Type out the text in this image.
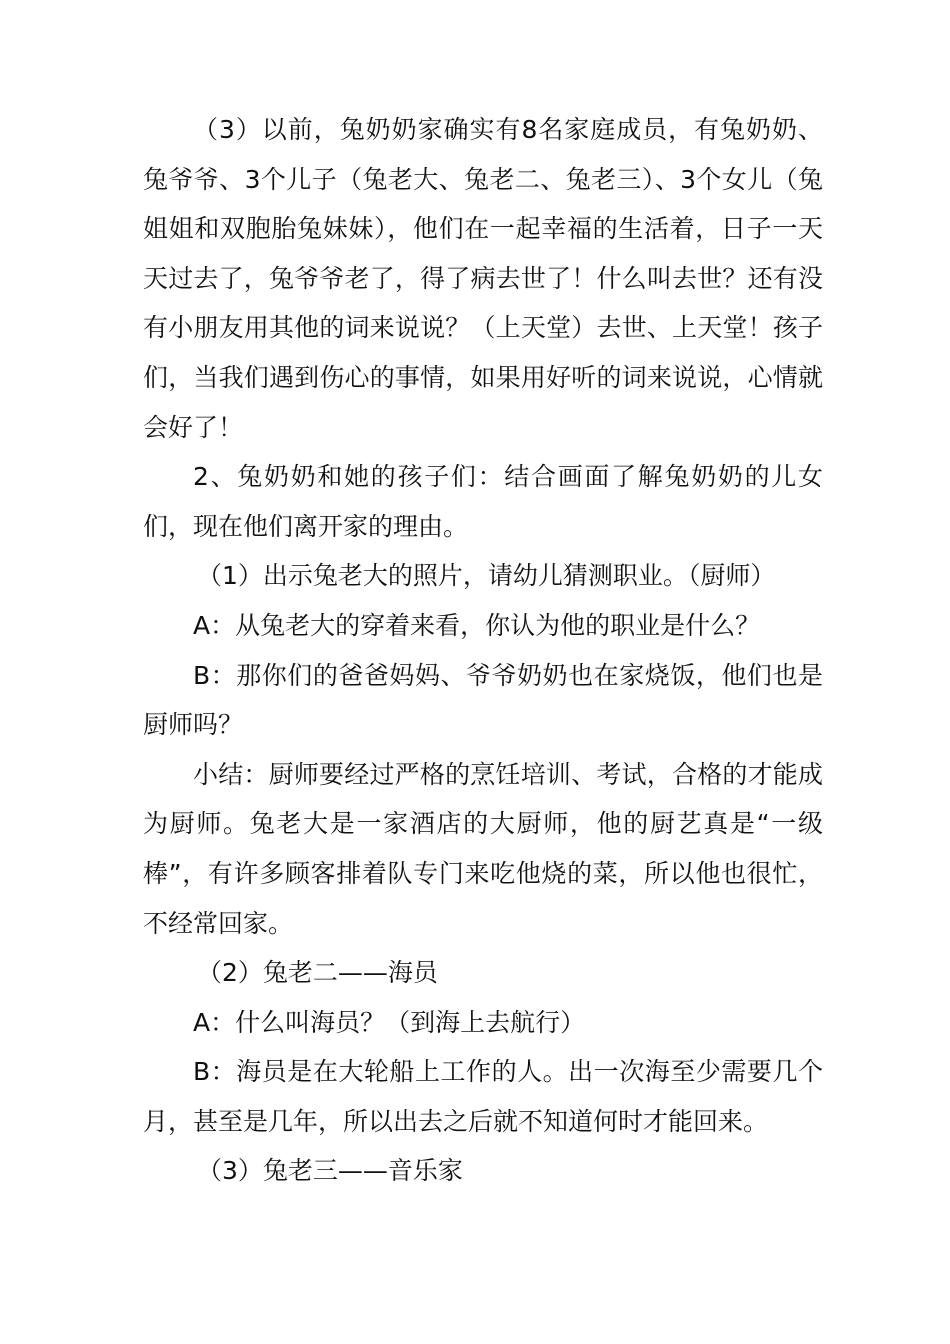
（3）以前，兔奶奶家确实有8名家庭成员，有兔奶奶、兔爷爷、3个儿子（兔老大、兔老二、兔老三）、3个女儿（兔姐姐和双胞胎兔妹妹），他们在一起幸福的生活着，日子一天天过去了，兔爷爷老了，得了病去世了！什么叫去世？还有没有小朋友用其他的词来说说？（上天堂）去世、上天堂！孩子们，当我们遇到伤心的事情，如果用好听的词来说说，心情就会好了！

2、兔奶奶和她的孩子们：结合画面了解兔奶奶的儿女们，现在他们离开家的理由。

（1）出示兔老大的照片，请幼儿猜测职业。（厨师）

A：从兔老大的穿着来看，你认为他的职业是什么？

B：那你们的爸爸妈妈、爷爷奶奶也在家烧饭，他们也是厨师吗？

小结：厨师要经过严格的烹饪培训、考试，合格的才能成为厨师。兔老大是一家酒店的大厨师，他的厨艺真是“一级棒”，有许多顾客排着队专门来吃他烧的菜，所以他也很忙，不经常回家。

（2）兔老二——海员

A：什么叫海员？（到海上去航行）

B：海员是在大轮船上工作的人。出一次海至少需要几个月，甚至是几年，所以出去之后就不知道何时才能回来。

（3）兔老三——音乐家
